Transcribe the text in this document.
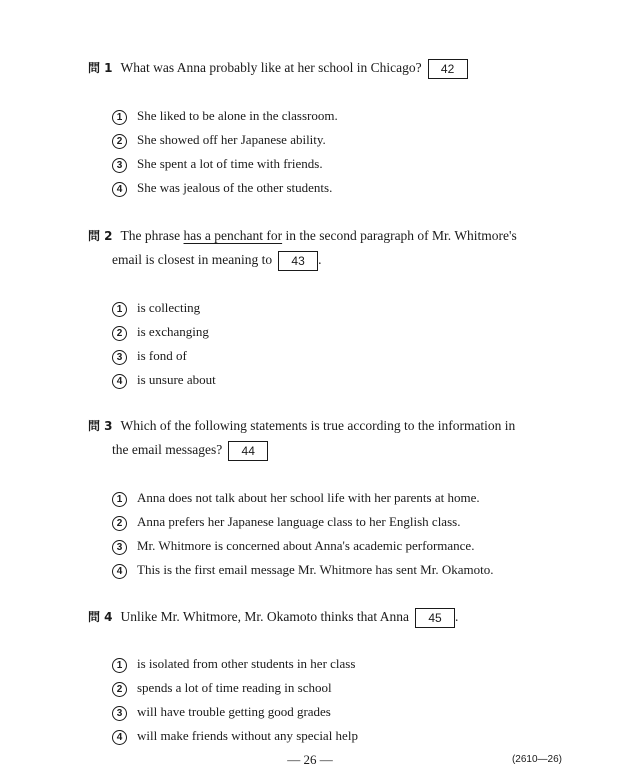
問 1 What was Anna probably like at her school in Chicago? 42
1 She liked to be alone in the classroom.
2 She showed off her Japanese ability.
3 She spent a lot of time with friends.
4 She was jealous of the other students.
問 2 The phrase has a penchant for in the second paragraph of Mr. Whitmore's
email is closest in meaning to 43 .
1 is collecting
2 is exchanging
3 is fond of
4 is unsure about
問 3 Which of the following statements is true according to the information in
the email messages? 44
1 Anna does not talk about her school life with her parents at home.
2 Anna prefers her Japanese language class to her English class.
3 Mr. Whitmore is concerned about Anna's academic performance.
4 This is the first email message Mr. Whitmore has sent Mr. Okamoto.
問 4 Unlike Mr. Whitmore, Mr. Okamoto thinks that Anna 45 .
1 is isolated from other students in her class
2 spends a lot of time reading in school
3 will have trouble getting good grades
4 will make friends without any special help
— 26 —	(2610—26)
